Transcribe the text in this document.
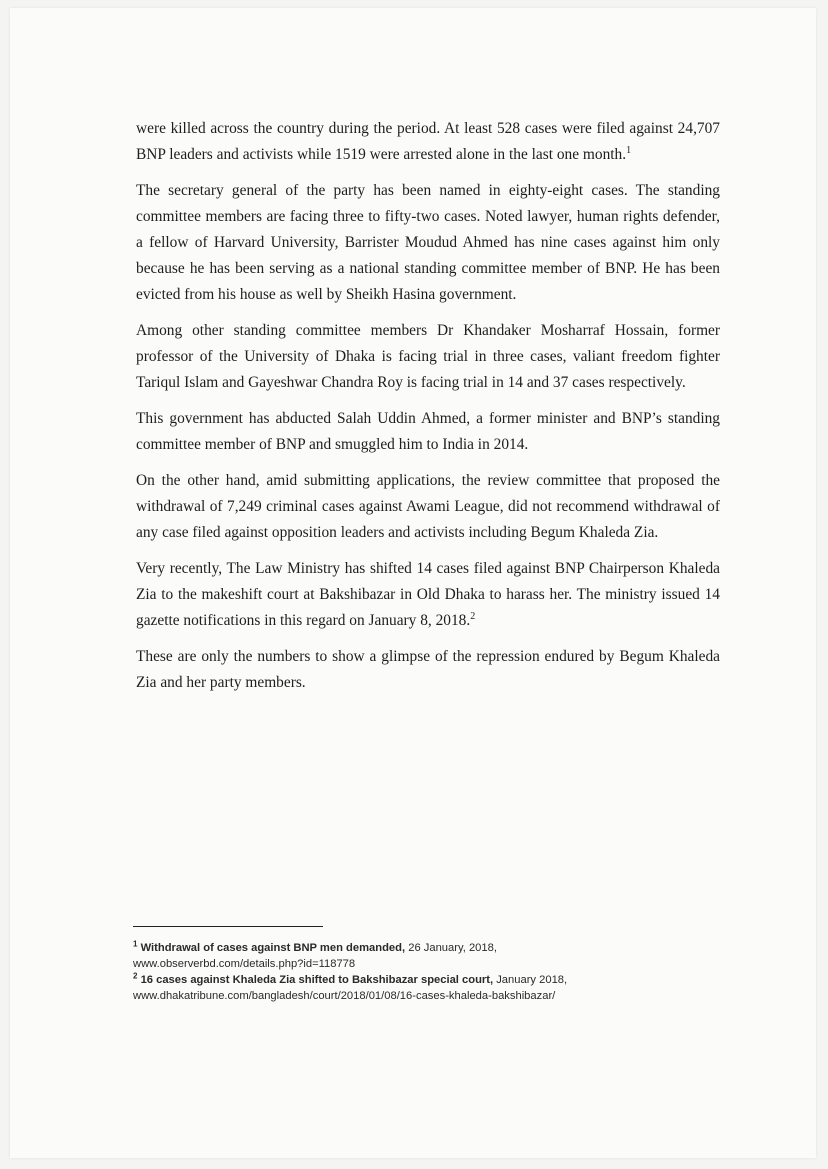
were killed across the country during the period. At least 528 cases were filed against 24,707 BNP leaders and activists while 1519 were arrested alone in the last one month.$^1$

The secretary general of the party has been named in eighty-eight cases. The standing committee members are facing three to fifty-two cases. Noted lawyer, human rights defender, a fellow of Harvard University, Barrister Moudud Ahmed has nine cases against him only because he has been serving as a national standing committee member of BNP. He has been evicted from his house as well by Sheikh Hasina government.

Among other standing committee members Dr Khandaker Mosharraf Hossain, former professor of the University of Dhaka is facing trial in three cases, valiant freedom fighter Tariqul Islam and Gayeshwar Chandra Roy is facing trial in 14 and 37 cases respectively.

This government has abducted Salah Uddin Ahmed, a former minister and BNP’s standing committee member of BNP and smuggled him to India in 2014.

On the other hand, amid submitting applications, the review committee that proposed the withdrawal of 7,249 criminal cases against Awami League, did not recommend withdrawal of any case filed against opposition leaders and activists including Begum Khaleda Zia.

Very recently, The Law Ministry has shifted 14 cases filed against BNP Chairperson Khaleda Zia to the makeshift court at Bakshibazar in Old Dhaka to harass her. The ministry issued 14 gazette notifications in this regard on January 8, 2018.$^2$

These are only the numbers to show a glimpse of the repression endured by Begum Khaleda Zia and her party members.

$^1$ Withdrawal of cases against BNP men demanded, 26 January, 2018,
www.observerbd.com/details.php?id=118778
$^2$ 16 cases against Khaleda Zia shifted to Bakshibazar special court, January 2018,
www.dhakatribune.com/bangladesh/court/2018/01/08/16-cases-khaleda-bakshibazar/
